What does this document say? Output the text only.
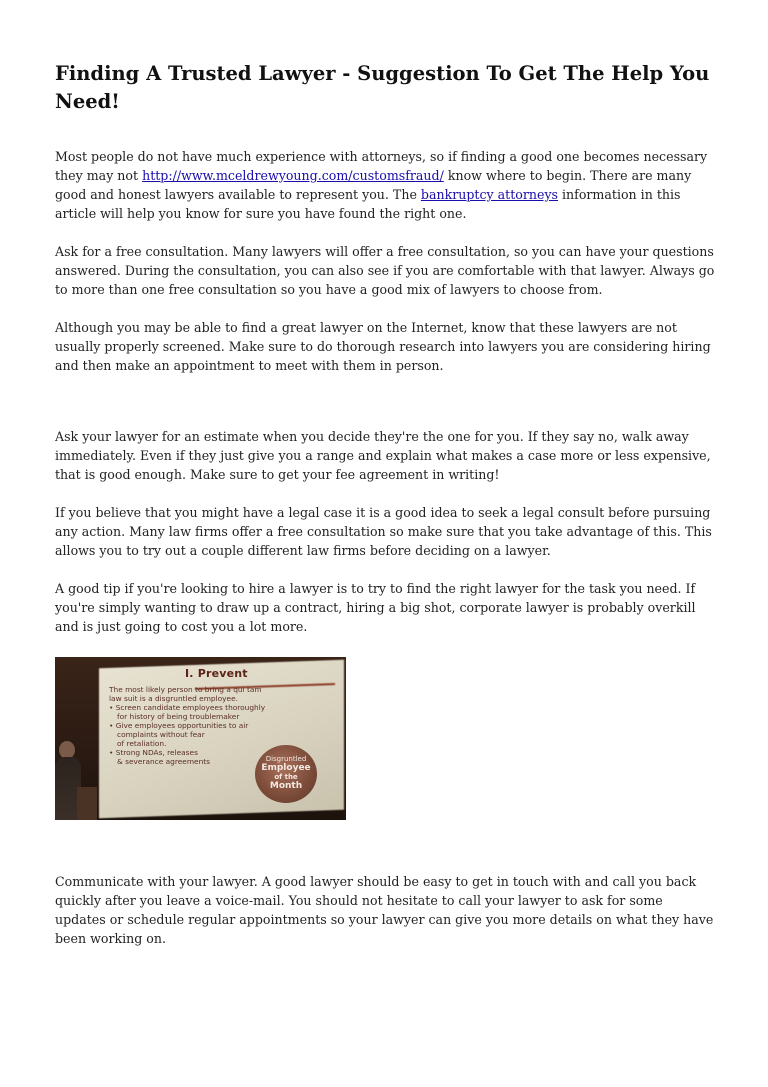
Finding A Trusted Lawyer - Suggestion To Get The Help You Need!

Most people do not have much experience with attorneys, so if finding a good one becomes necessary they may not http://www.mceldrewyoung.com/customsfraud/ know where to begin. There are many good and honest lawyers available to represent you. The bankruptcy attorneys information in this article will help you know for sure you have found the right one.

Ask for a free consultation. Many lawyers will offer a free consultation, so you can have your questions answered. During the consultation, you can also see if you are comfortable with that lawyer. Always go to more than one free consultation so you have a good mix of lawyers to choose from.

Although you may be able to find a great lawyer on the Internet, know that these lawyers are not usually properly screened. Make sure to do thorough research into lawyers you are considering hiring and then make an appointment to meet with them in person.

Ask your lawyer for an estimate when you decide they're the one for you. If they say no, walk away immediately. Even if they just give you a range and explain what makes a case more or less expensive, that is good enough. Make sure to get your fee agreement in writing!

If you believe that you might have a legal case it is a good idea to seek a legal consult before pursuing any action. Many law firms offer a free consultation so make sure that you take advantage of this. This allows you to try out a couple different law firms before deciding on a lawyer.

A good tip if you're looking to hire a lawyer is to try to find the right lawyer for the task you need. If you're simply wanting to draw up a contract, hiring a big shot, corporate lawyer is probably overkill and is just going to cost you a lot more.

I. Prevent
The most likely person to bring a qui tam
law suit is a disgruntled employee.
• Screen candidate employees thoroughly
for history of being troublemaker
• Give employees opportunities to air
complaints without fear
of retaliation.
• Strong NDAs, releases
& severance agreements	Disgruntled
Employee
of the
Month

Communicate with your lawyer. A good lawyer should be easy to get in touch with and call you back quickly after you leave a voice-mail. You should not hesitate to call your lawyer to ask for some updates or schedule regular appointments so your lawyer can give you more details on what they have been working on.
